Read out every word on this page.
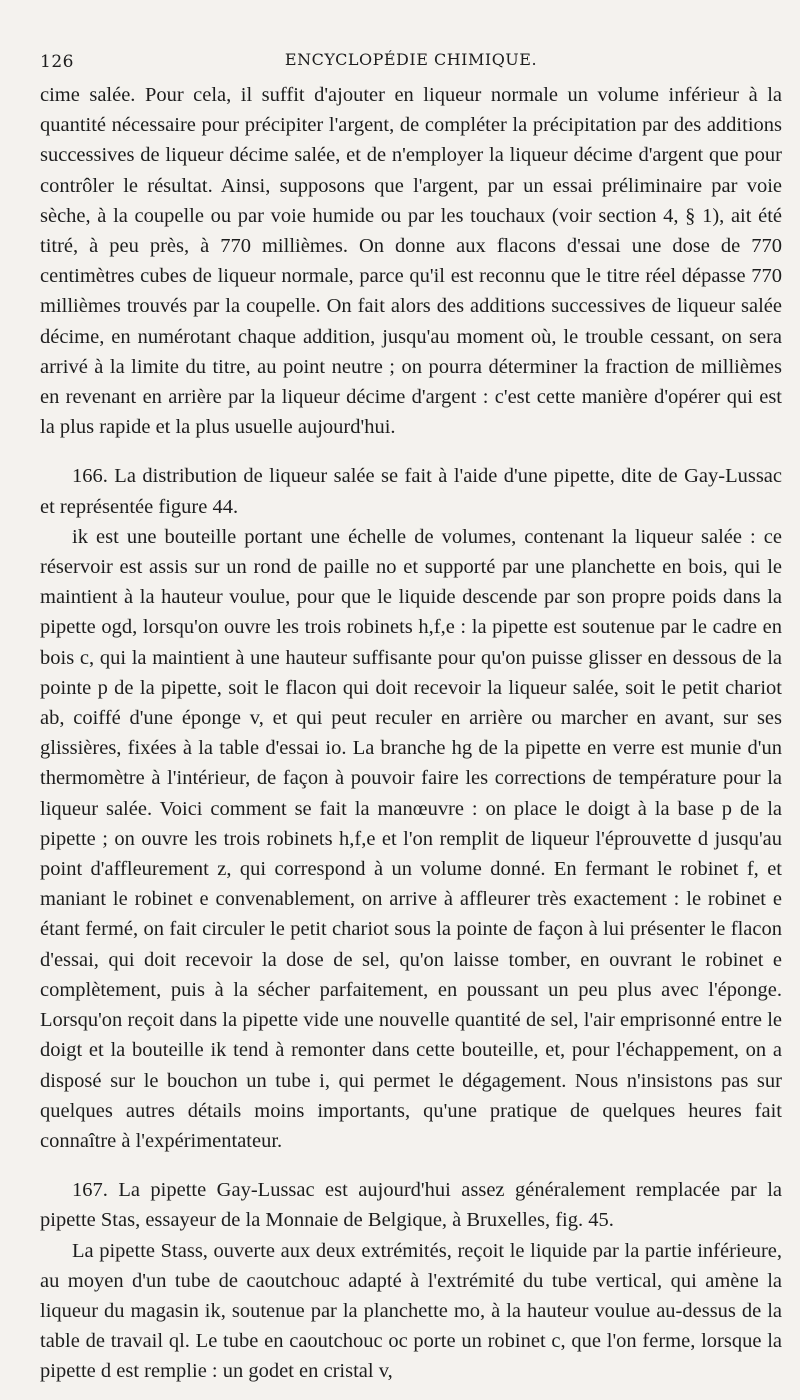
126	ENCYCLOPÉDIE CHIMIQUE.

cime salée. Pour cela, il suffit d'ajouter en liqueur normale un volume inférieur à la quantité nécessaire pour précipiter l'argent, de compléter la précipitation par des additions successives de liqueur décime salée, et de n'employer la liqueur décime d'argent que pour contrôler le résultat. Ainsi, supposons que l'argent, par un essai préliminaire par voie sèche, à la coupelle ou par voie humide ou par les touchaux (voir section 4, § 1), ait été titré, à peu près, à 770 millièmes. On donne aux flacons d'essai une dose de 770 centimètres cubes de liqueur normale, parce qu'il est reconnu que le titre réel dépasse 770 millièmes trouvés par la coupelle. On fait alors des additions successives de liqueur salée décime, en numérotant chaque addition, jusqu'au moment où, le trouble cessant, on sera arrivé à la limite du titre, au point neutre ; on pourra déterminer la fraction de millièmes en revenant en arrière par la liqueur décime d'argent : c'est cette manière d'opérer qui est la plus rapide et la plus usuelle aujourd'hui.

166. La distribution de liqueur salée se fait à l'aide d'une pipette, dite de Gay-Lussac et représentée figure 44.

ik est une bouteille portant une échelle de volumes, contenant la liqueur salée : ce réservoir est assis sur un rond de paille no et supporté par une planchette en bois, qui le maintient à la hauteur voulue, pour que le liquide descende par son propre poids dans la pipette ogd, lorsqu'on ouvre les trois robinets h,f,e : la pipette est soutenue par le cadre en bois c, qui la maintient à une hauteur suffisante pour qu'on puisse glisser en dessous de la pointe p de la pipette, soit le flacon qui doit recevoir la liqueur salée, soit le petit chariot ab, coiffé d'une éponge v, et qui peut reculer en arrière ou marcher en avant, sur ses glissières, fixées à la table d'essai io. La branche hg de la pipette en verre est munie d'un thermomètre à l'intérieur, de façon à pouvoir faire les corrections de température pour la liqueur salée. Voici comment se fait la manœuvre : on place le doigt à la base p de la pipette ; on ouvre les trois robinets h,f,e et l'on remplit de liqueur l'éprouvette d jusqu'au point d'affleurement z, qui correspond à un volume donné. En fermant le robinet f, et maniant le robinet e convenablement, on arrive à affleurer très exactement : le robinet e étant fermé, on fait circuler le petit chariot sous la pointe de façon à lui présenter le flacon d'essai, qui doit recevoir la dose de sel, qu'on laisse tomber, en ouvrant le robinet e complètement, puis à la sécher parfaitement, en poussant un peu plus avec l'éponge. Lorsqu'on reçoit dans la pipette vide une nouvelle quantité de sel, l'air emprisonné entre le doigt et la bouteille ik tend à remonter dans cette bouteille, et, pour l'échappement, on a disposé sur le bouchon un tube i, qui permet le dégagement. Nous n'insistons pas sur quelques autres détails moins importants, qu'une pratique de quelques heures fait connaître à l'expérimentateur.

167. La pipette Gay-Lussac est aujourd'hui assez généralement remplacée par la pipette Stas, essayeur de la Monnaie de Belgique, à Bruxelles, fig. 45.

La pipette Stass, ouverte aux deux extrémités, reçoit le liquide par la partie inférieure, au moyen d'un tube de caoutchouc adapté à l'extrémité du tube vertical, qui amène la liqueur du magasin ik, soutenue par la planchette mo, à la hauteur voulue au-dessus de la table de travail ql. Le tube en caoutchouc oc porte un robinet c, que l'on ferme, lorsque la pipette d est remplie : un godet en cristal v,
